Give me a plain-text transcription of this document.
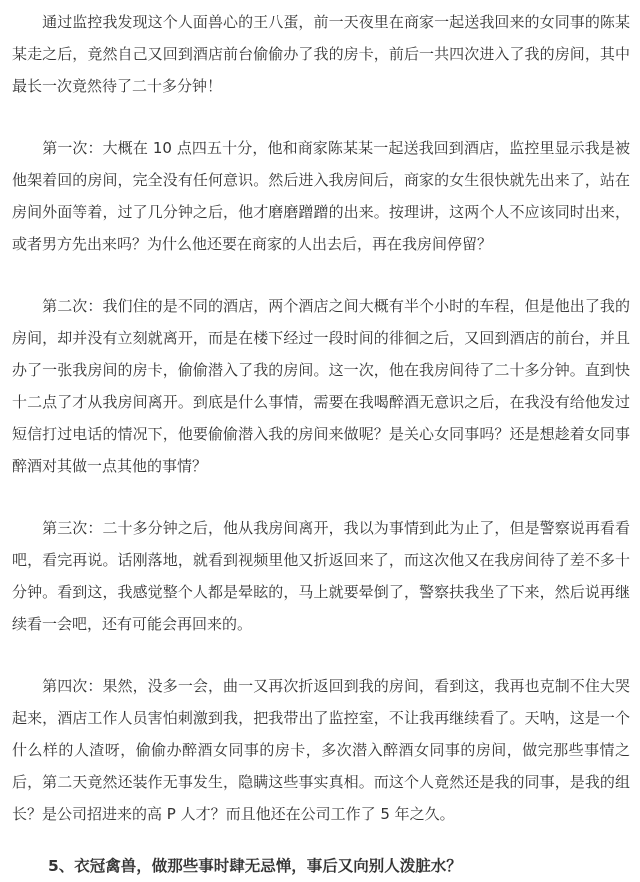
　　通过监控我发现这个人面兽心的王八蛋，前一天夜里在商家一起送我回来的女同事的陈某某走之后，竟然自己又回到酒店前台偷偷办了我的房卡，前后一共四次进入了我的房间，其中最长一次竟然待了二十多分钟！

　　第一次：大概在 10 点四五十分，他和商家陈某某一起送我回到酒店，监控里显示我是被他架着回的房间，完全没有任何意识。然后进入我房间后，商家的女生很快就先出来了，站在房间外面等着，过了几分钟之后，他才磨磨蹭蹭的出来。按理讲，这两个人不应该同时出来，或者男方先出来吗？为什么他还要在商家的人出去后，再在我房间停留？

　　第二次：我们住的是不同的酒店，两个酒店之间大概有半个小时的车程，但是他出了我的房间，却并没有立刻就离开，而是在楼下经过一段时间的徘徊之后，又回到酒店的前台，并且办了一张我房间的房卡，偷偷潜入了我的房间。这一次，他在我房间待了二十多分钟。直到快十二点了才从我房间离开。到底是什么事情，需要在我喝醉酒无意识之后，在我没有给他发过短信打过电话的情况下，他要偷偷潜入我的房间来做呢？是关心女同事吗？还是想趁着女同事醉酒对其做一点其他的事情？

　　第三次：二十多分钟之后，他从我房间离开，我以为事情到此为止了，但是警察说再看看吧，看完再说。话刚落地，就看到视频里他又折返回来了，而这次他又在我房间待了差不多十分钟。看到这，我感觉整个人都是晕眩的，马上就要晕倒了，警察扶我坐了下来，然后说再继续看一会吧，还有可能会再回来的。

　　第四次：果然，没多一会，曲一又再次折返回到我的房间，看到这，我再也克制不住大哭起来，酒店工作人员害怕刺激到我，把我带出了监控室，不让我再继续看了。天呐，这是一个什么样的人渣呀，偷偷办醉酒女同事的房卡，多次潜入醉酒女同事的房间，做完那些事情之后，第二天竟然还装作无事发生，隐瞒这些事实真相。而这个人竟然还是我的同事，是我的组长？是公司招进来的高 P 人才？而且他还在公司工作了 5 年之久。

5、衣冠禽兽，做那些事时肆无忌惮，事后又向别人泼脏水？
